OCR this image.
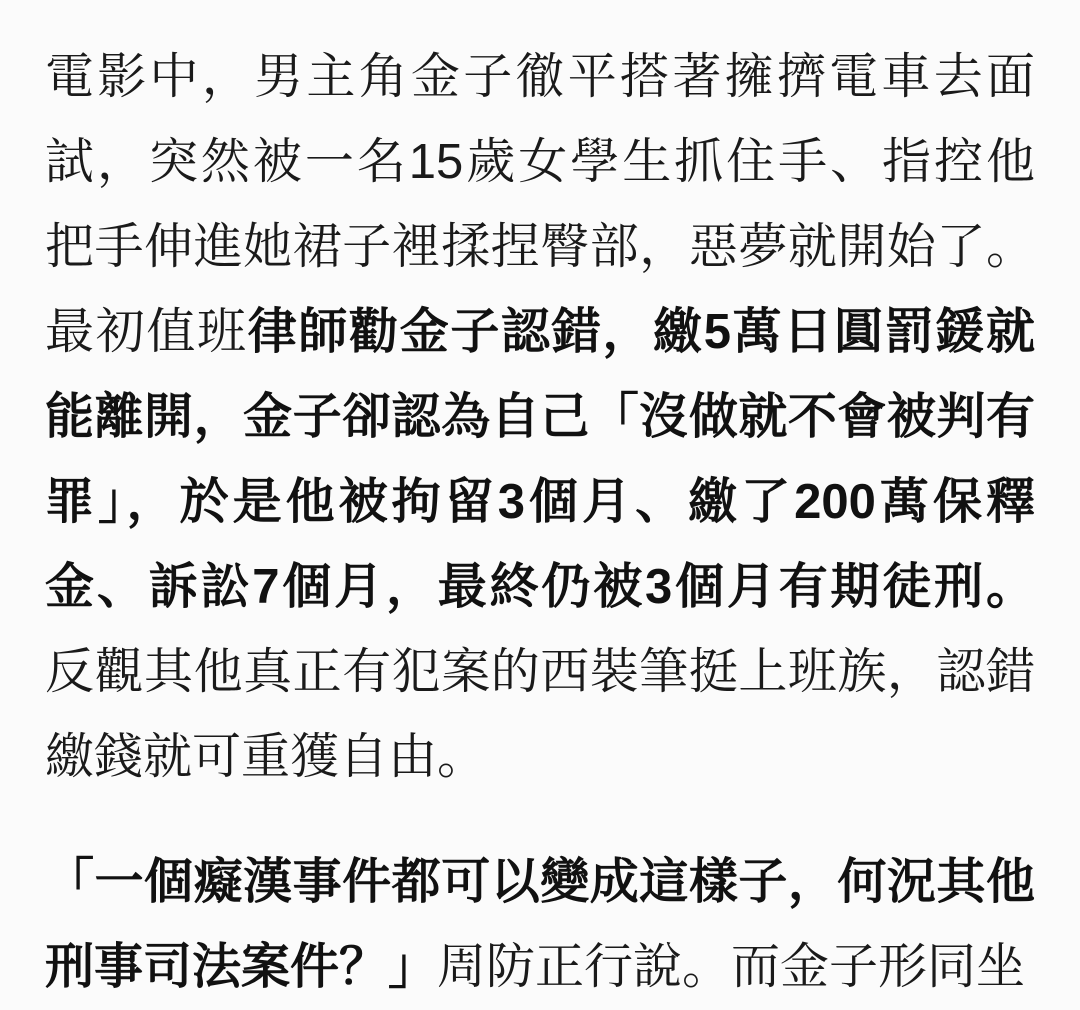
電影中，男主角金子徹平搭著擁擠電車去面
試，突然被一名15歲女學生抓住手、指控他
把手伸進她裙子裡揉捏臀部，惡夢就開始了。
最初值班律師勸金子認錯，繳5萬日圓罰鍰就
能離開，金子卻認為自己「沒做就不會被判有
罪」，於是他被拘留3個月、繳了200萬保釋
金、訴訟7個月，最終仍被3個月有期徒刑。
反觀其他真正有犯案的西裝筆挺上班族，認錯
繳錢就可重獲自由。

「一個癡漢事件都可以變成這樣子，何況其他
刑事司法案件？」周防正行說。而金子形同坐
